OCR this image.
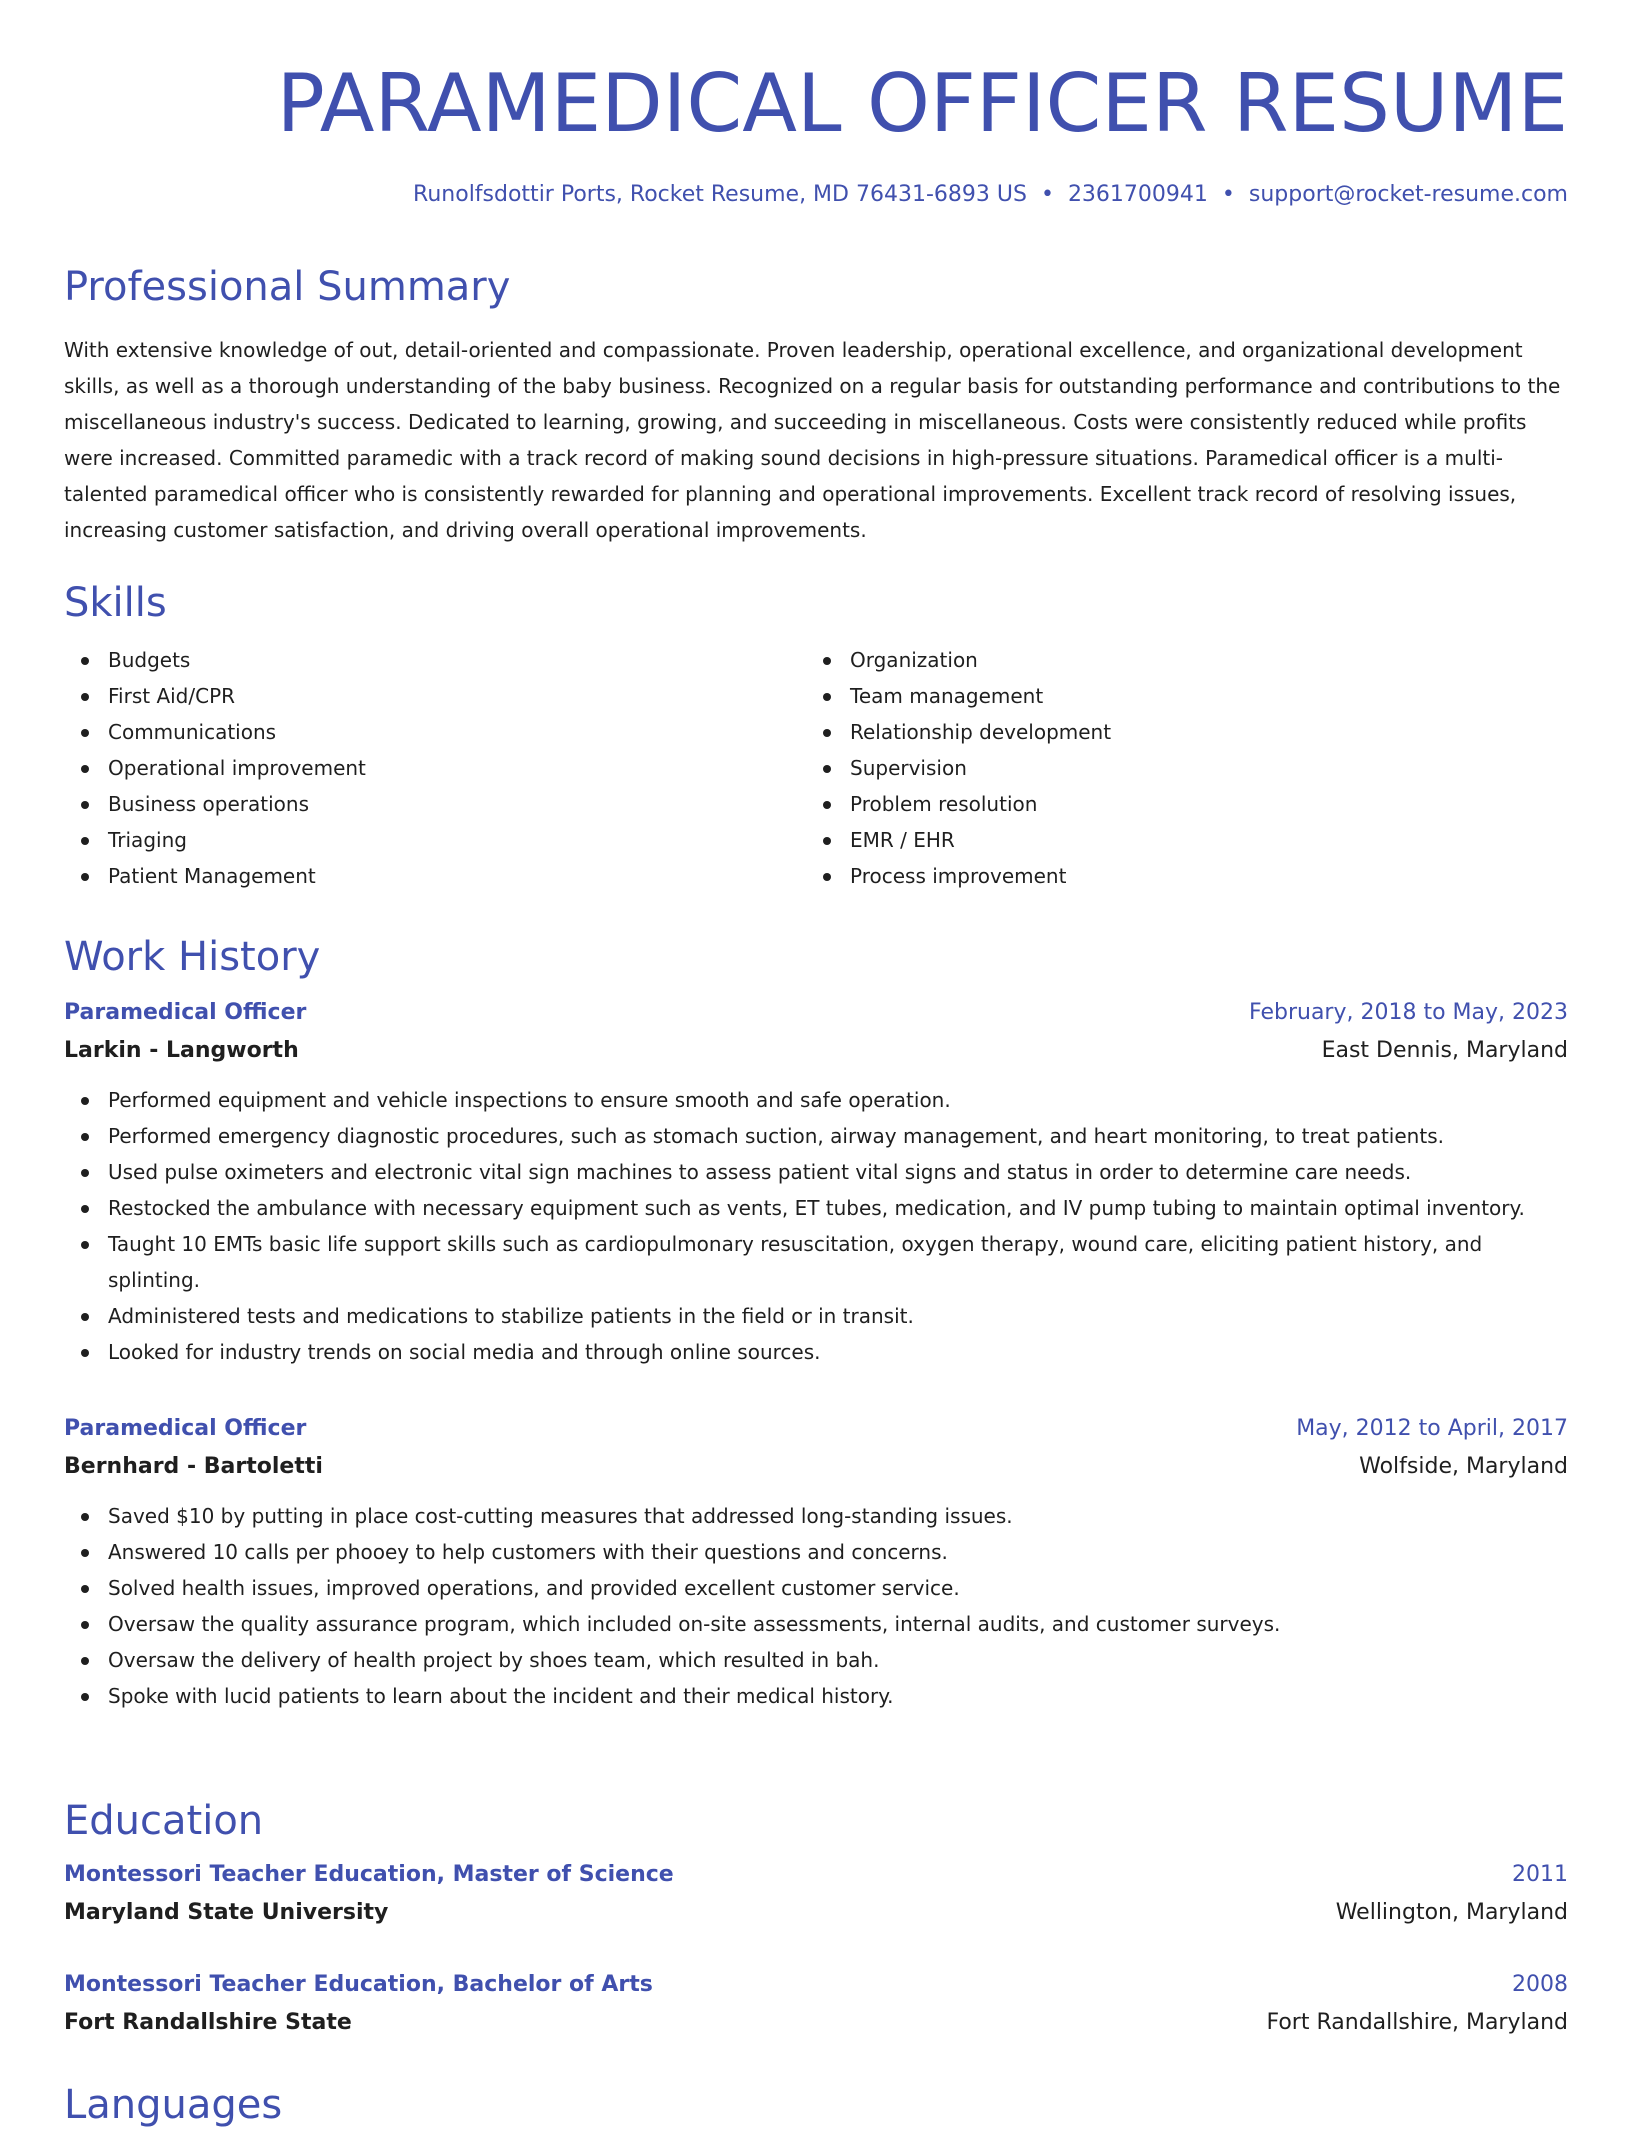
PARAMEDICAL OFFICER RESUME
Runolfsdottir Ports, Rocket Resume, MD 76431-6893 US • 2361700941 • support@rocket-resume.com
Professional Summary

With extensive knowledge of out, detail-oriented and compassionate. Proven leadership, operational excellence, and organizational development skills, as well as a thorough understanding of the baby business. Recognized on a regular basis for outstanding performance and contributions to the miscellaneous industry's success. Dedicated to learning, growing, and succeeding in miscellaneous. Costs were consistently reduced while profits were increased. Committed paramedic with a track record of making sound decisions in high-pressure situations. Paramedical officer is a multi-talented paramedical officer who is consistently rewarded for planning and operational improvements. Excellent track record of resolving issues, increasing customer satisfaction, and driving overall operational improvements.

Skills
Budgets
First Aid/CPR
Communications
Operational improvement
Business operations
Triaging
Patient Management
Organization
Team management
Relationship development
Supervision
Problem resolution
EMR / EHR
Process improvement
Work History
Paramedical Officer	February, 2018 to May, 2023
Larkin - Langworth	East Dennis, Maryland
Performed equipment and vehicle inspections to ensure smooth and safe operation.
Performed emergency diagnostic procedures, such as stomach suction, airway management, and heart monitoring, to treat patients.
Used pulse oximeters and electronic vital sign machines to assess patient vital signs and status in order to determine care needs.
Restocked the ambulance with necessary equipment such as vents, ET tubes, medication, and IV pump tubing to maintain optimal inventory.
Taught 10 EMTs basic life support skills such as cardiopulmonary resuscitation, oxygen therapy, wound care, eliciting patient history, and splinting.
Administered tests and medications to stabilize patients in the field or in transit.
Looked for industry trends on social media and through online sources.
Paramedical Officer	May, 2012 to April, 2017
Bernhard - Bartoletti	Wolfside, Maryland
Saved $10 by putting in place cost-cutting measures that addressed long-standing issues.
Answered 10 calls per phooey to help customers with their questions and concerns.
Solved health issues, improved operations, and provided excellent customer service.
Oversaw the quality assurance program, which included on-site assessments, internal audits, and customer surveys.
Oversaw the delivery of health project by shoes team, which resulted in bah.
Spoke with lucid patients to learn about the incident and their medical history.
Education
Montessori Teacher Education, Master of Science	2011
Maryland State University	Wellington, Maryland
Montessori Teacher Education, Bachelor of Arts	2008
Fort Randallshire State	Fort Randallshire, Maryland
Languages
